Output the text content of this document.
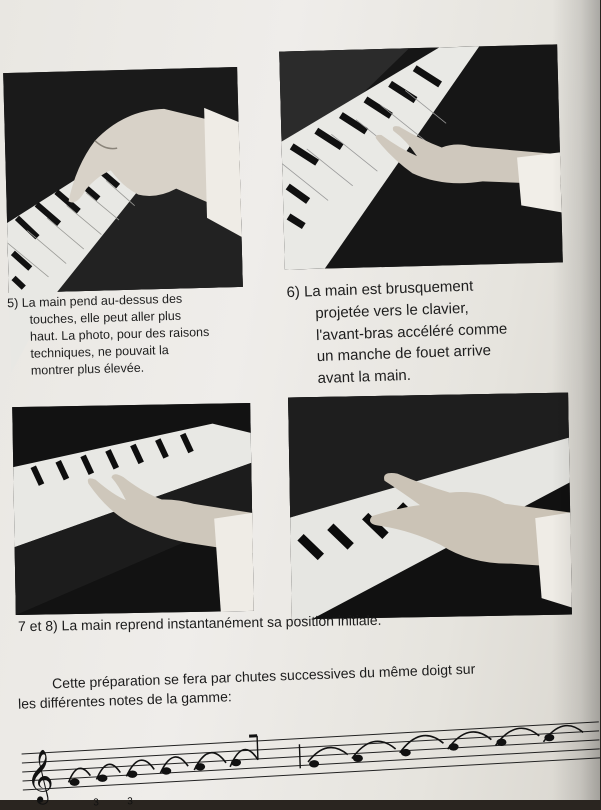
5) La main pend au-dessus des
touches, elle peut aller plus
haut. La photo, pour des raisons
techniques, ne pouvait la
montrer plus élevée.
6) La main est brusquement
projetée vers le clavier,
l'avant-bras accéléré comme
un manche de fouet arrive
avant la main.
7 et 8) La main reprend instantanément sa position initiale.
Cette préparation se fera par chutes successives du même doigt sur
les différentes notes de la gamme:
𝄞
3	3
